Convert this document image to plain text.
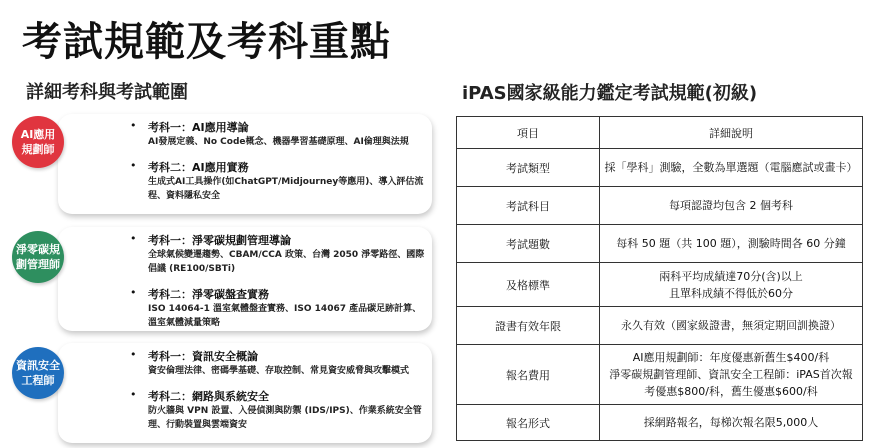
考試規範及考科重點
詳細考科與考試範圍	iPAS國家級能力鑑定考試規範(初級)
• 考科一：AI應用導論
AI發展定義、No Code概念、機器學習基礎原理、AI倫理與法規
• 考科二：AI應用實務
生成式AI工具操作(如ChatGPT/Midjourney等應用)、導入評估流程、資料隱私安全
AI應用
規劃師
• 考科一：淨零碳規劃管理導論
全球氣候變遷趨勢、CBAM/CCA 政策、台灣 2050 淨零路徑、國際倡議 (RE100/SBTi)
• 考科二：淨零碳盤查實務
ISO 14064-1 溫室氣體盤查實務、ISO 14067 產品碳足跡計算、溫室氣體減量策略
淨零碳規
劃管理師
• 考科一：資訊安全概論
資安倫理法律、密碼學基礎、存取控制、常見資安威脅與攻擊模式
• 考科二：網路與系統安全
防火牆與 VPN 設置、入侵偵測與防禦 (IDS/IPS)、作業系統安全管理、行動裝置與雲端資安
資訊安全
工程師
項目	詳細說明
考試類型	採「學科」測驗，全數為單選題（電腦應試或畫卡）
考試科目	每項認證均包含 2 個考科
考試題數	每科 50 題（共 100 題），測驗時間各 60 分鐘
及格標準	兩科平均成績達70分(含)以上
且單科成績不得低於60分
證書有效年限	永久有效（國家級證書，無須定期回訓換證）
報名費用	AI應用規劃師：年度優惠新舊生$400/科
淨零碳規劃管理師、資訊安全工程師：iPAS首次報
考優惠$800/科，舊生優惠$600/科
報名形式	採網路報名，每梯次報名限5,000人
